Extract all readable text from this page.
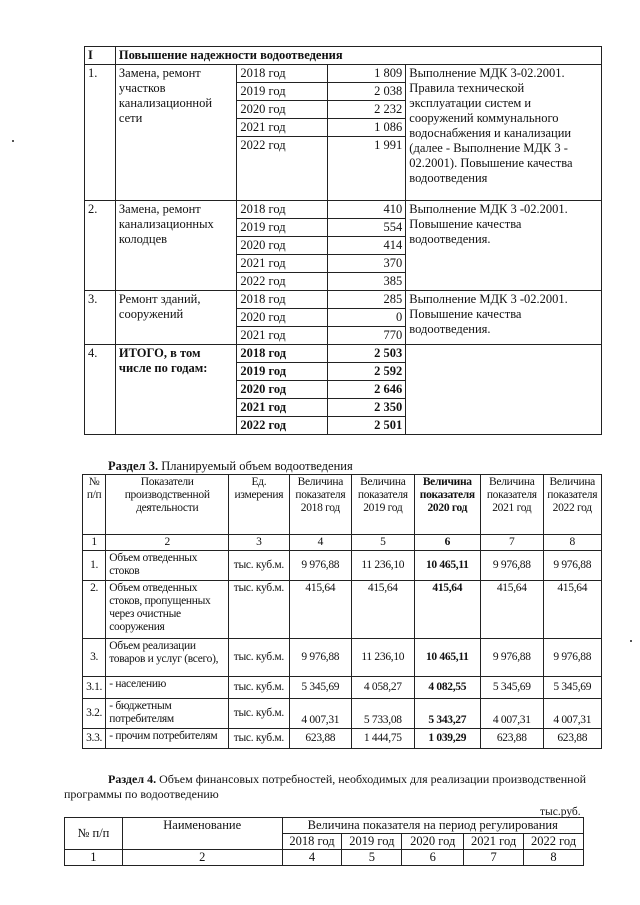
I	Повышение надежности водоотведения			
1.	Замена, ремонт участков канализационной сети	2018 год	1 809	Выполнение МДК 3-02.2001. Правила технической эксплуатации систем и сооружений коммунального водоснабжения и канализации (далее - Выполнение МДК 3 - 02.2001). Повышение качества водоотведения
		2019 год	2 038	
		2020 год	2 232	
		2021 год	1 086	
		2022 год	1 991	
2.	Замена, ремонт канализационных колодцев	2018 год	410	Выполнение МДК 3 -02.2001. Повышение качества водоотведения.
		2019 год	554	
		2020 год	414	
		2021 год	370	
		2022 год	385	
3.	Ремонт зданий, сооружений	2018 год	285	Выполнение МДК 3 -02.2001. Повышение качества водоотведения.
		2020 год	0	
		2021 год	770	
4.	ИТОГО, в том числе по годам:	2018 год	2 503	
		2019 год	2 592	
		2020 год	2 646	
		2021 год	2 350	
		2022 год	2 501	
Раздел 3. Планируемый объем водоотведения
№ п/п	Показатели производственной деятельности	Ед. измерения	Величина показателя 2018 год	Величина показателя 2019 год	Величина показателя 2020 год	Величина показателя 2021 год	Величина показателя 2022 год
1	2	3	4	5	6	7	8
1.	Объем отведенных стоков	тыс. куб.м.	9 976,88	11 236,10	10 465,11	9 976,88	9 976,88
2.	Объем отведенных стоков, пропущенных через очистные сооружения	тыс. куб.м.	415,64	415,64	415,64	415,64	415,64
3.	Объем реализации товаров и услуг (всего),	тыс. куб.м.	9 976,88	11 236,10	10 465,11	9 976,88	9 976,88
3.1.	- населению	тыс. куб.м.	5 345,69	4 058,27	4 082,55	5 345,69	5 345,69
3.2.	- бюджетным потребителям	тыс. куб.м.	4 007,31	5 733,08	5 343,27	4 007,31	4 007,31
3.3.	- прочим потребителям	тыс. куб.м.	623,88	1 444,75	1 039,29	623,88	623,88
Раздел 4. Объем финансовых потребностей, необходимых для реализации производственной программы по водоотведению
тыс.руб.
№ п/п	Наименование	Величина показателя на период регулирования				
		2018 год	2019 год	2020 год	2021 год	2022 год
1	2	4	5	6	7	8
